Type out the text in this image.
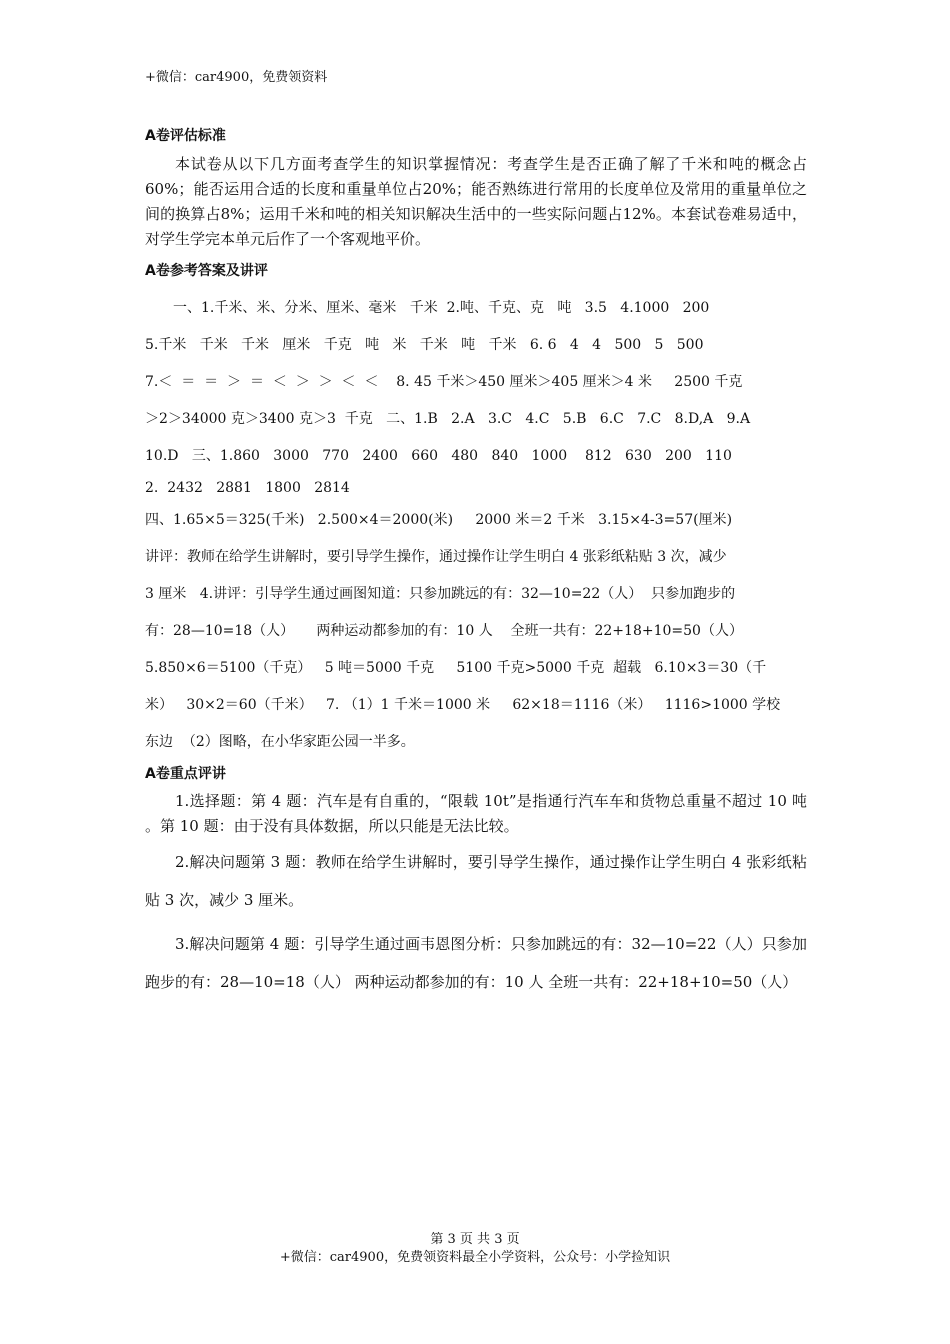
+微信：car4900，免费领资料

A卷评估标准

本试卷从以下几方面考查学生的知识掌握情况：考查学生是否正确了解了千米和吨的概念占60%；能否运用合适的长度和重量单位占20%；能否熟练进行常用的长度单位及常用的重量单位之间的换算占8%；运用千米和吨的相关知识解决生活中的一些实际问题占12%。本套试卷难易适中，对学生学完本单元后作了一个客观地平价。

A卷参考答案及讲评

一、1.千米、米、分米、厘米、毫米   千米  2.吨、千克、克   吨   3.5   4.1000   200

5.千米   千米   千米   厘米   千克   吨   米   千米   吨   千米   6. 6   4   4   500   5   500

7.＜  ＝  ＝  ＞  ＝  ＜  ＞  ＞  ＜  ＜    8. 45 千米＞450 厘米＞405 厘米＞4 米     2500 千克

＞2＞34000 克＞3400 克＞3  千克   二、1.B   2.A   3.C   4.C   5.B   6.C   7.C   8.D,A   9.A

10.D   三、1.860   3000   770   2400   660   480   840   1000    812   630   200   110

2.  2432   2881   1800   2814

四、1.65×5＝325(千米)   2.500×4＝2000(米)     2000 米＝2 千米   3.15×4-3=57(厘米)

讲评：教师在给学生讲解时，要引导学生操作，通过操作让学生明白 4 张彩纸粘贴 3 次，减少

3 厘米   4.讲评：引导学生通过画图知道：只参加跳远的有：32—10=22（人）  只参加跑步的

有：28—10=18（人）     两种运动都参加的有：10 人    全班一共有：22+18+10=50（人）

5.850×6＝5100（千克）   5 吨＝5000 千克     5100 千克>5000 千克  超载   6.10×3＝30（千

米）   30×2＝60（千米）   7. （1）1 千米＝1000 米     62×18＝1116（米）   1116>1000 学校

东边  （2）图略，在小华家距公园一半多。

A卷重点评讲

1.选择题：第 4 题：汽车是有自重的，“限载 10t”是指通行汽车车和货物总重量不超过 10 吨 。第 10 题：由于没有具体数据，所以只能是无法比较。

2.解决问题第 3 题：教师在给学生讲解时，要引导学生操作，通过操作让学生明白 4 张彩纸粘贴 3 次，减少 3 厘米。

3.解决问题第 4 题：引导学生通过画韦恩图分析：只参加跳远的有：32—10=22（人）只参加跑步的有：28—10=18（人） 两种运动都参加的有：10 人 全班一共有：22+18+10=50（人）

第 3 页 共 3 页
+微信：car4900，免费领资料最全小学资料，公众号：小学捡知识
